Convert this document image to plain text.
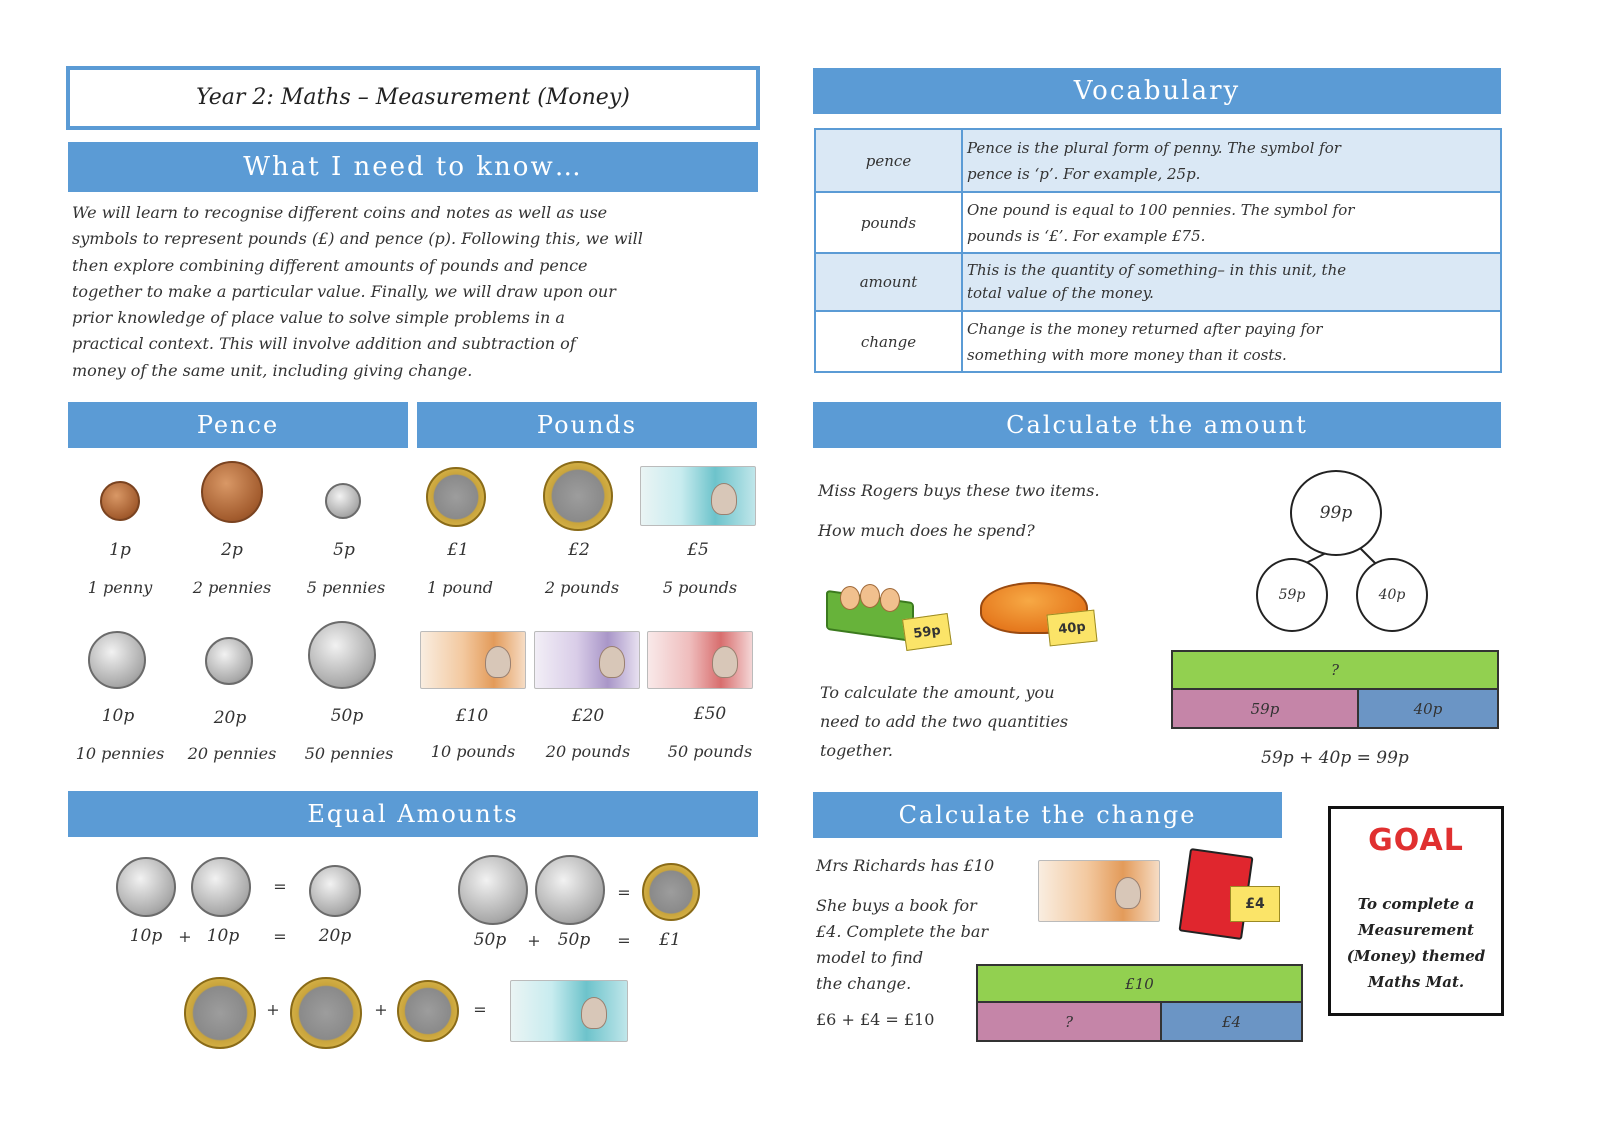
Year 2: Maths – Measurement (Money)
What I need to know…
We will learn to recognise different coins and notes as well as use
symbols to represent pounds (£) and pence (p). Following this, we will
then explore combining different amounts of pounds and pence
together to make a particular value. Finally, we will draw upon our
prior knowledge of place value to solve simple problems in a
practical context. This will involve addition and subtraction of
money of the same unit, including giving change.
Pence	Pounds
1p	2p	5p
1 penny	2 pennies	5 pennies
10p	20p	50p
10 pennies	20 pennies	50 pennies
£1	£2	£5
1 pound	2 pounds	5 pounds
£10	£20	£50
10 pounds	20 pounds	50 pounds
Equal Amounts
=
10p	+ 10p	=	20p
=
50p	+	50p	=	£1
+	+	=
Vocabulary
pence	Pence is the plural form of penny. The symbol for
pence is ‘p’. For example, 25p.

pounds	One pound is equal to 100 pennies. The symbol for
pounds is ‘£’. For example £75.

amount	This is the quantity of something– in this unit, the
total value of the money.

change	Change is the money returned after paying for
something with more money than it costs.
Calculate the amount
Miss Rogers buys these two items.
How much does he spend?
59p	40p
To calculate the amount, you
need to add the two quantities
together.
99p
59p	40p
?
59p	40p
59p + 40p = 99p
Calculate the change
Mrs Richards has £10
She buys a book for
£4. Complete the bar
model to find
the change.
£6 + £4 = £10
£4
£10
?	£4
GOAL
To complete a
Measurement
(Money) themed
Maths Mat.
